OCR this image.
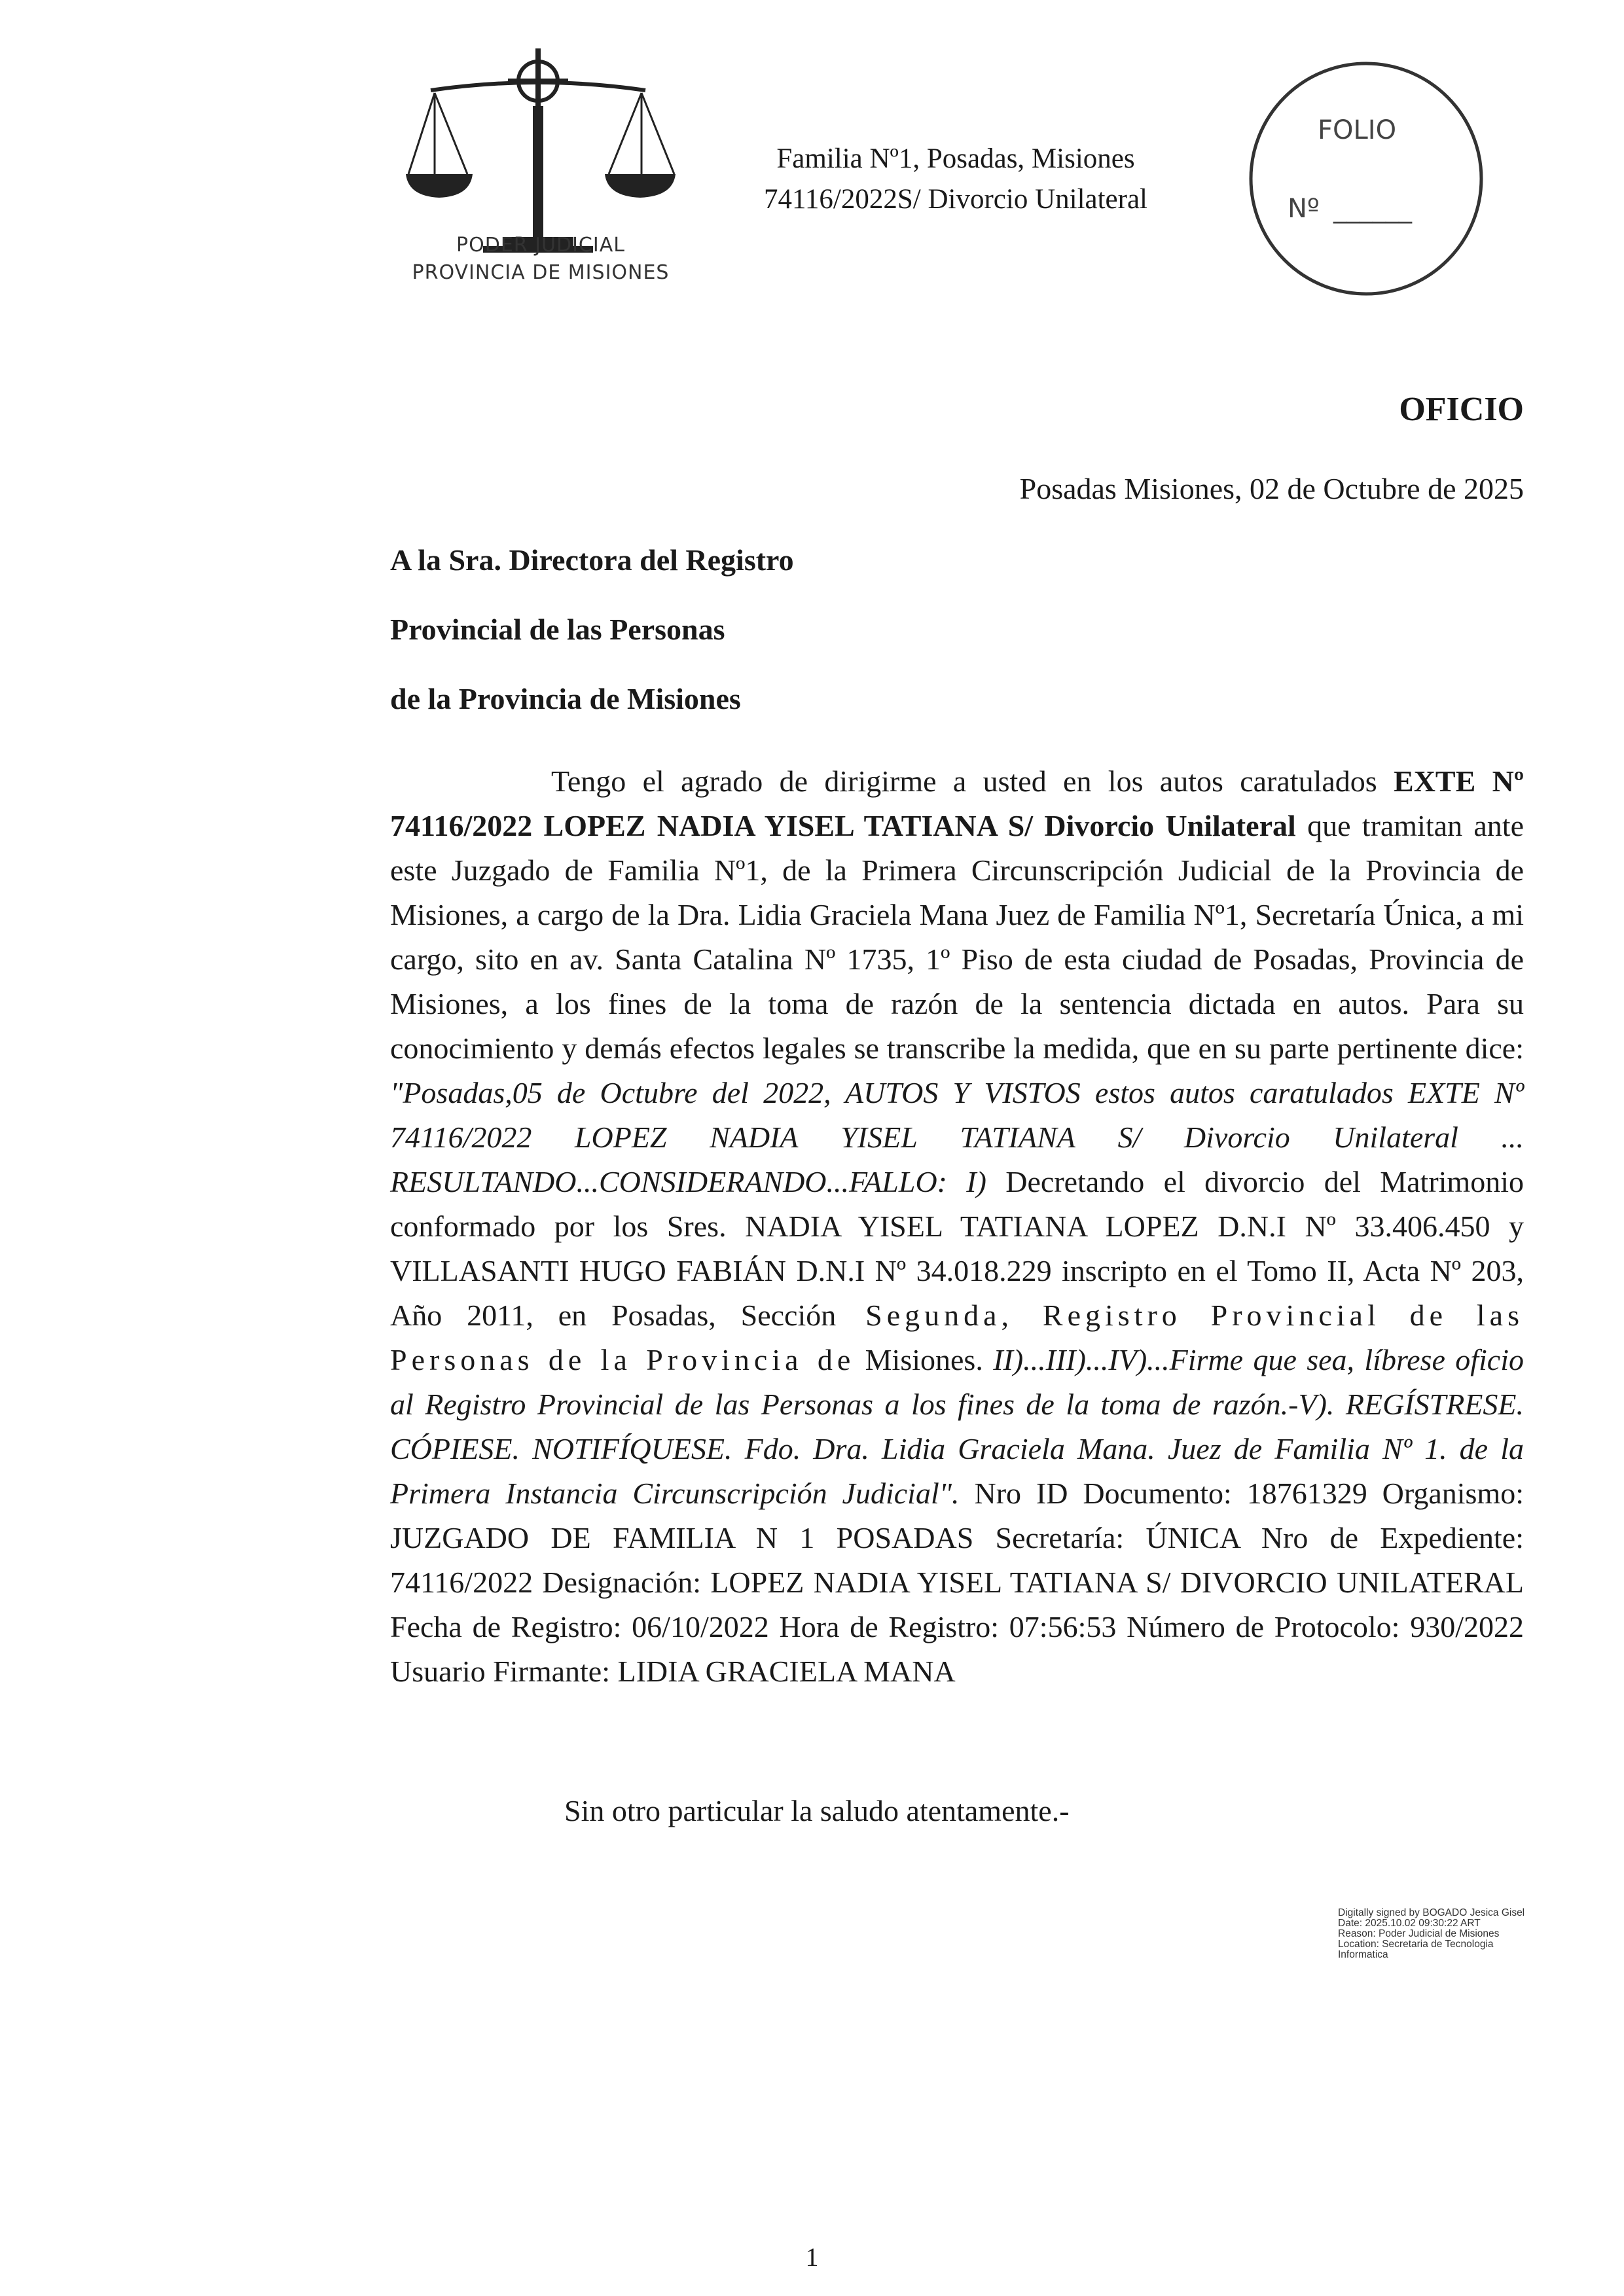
PODER JUDICIAL
PROVINCIA DE MISIONES
Familia Nº1, Posadas, Misiones
74116/2022S/ Divorcio Unilateral
FOLIO
Nº ______
OFICIO
Posadas Misiones, 02 de Octubre de 2025
A la Sra. Directora del Registro
Provincial de las Personas
de la Provincia de Misiones

Tengo el agrado de dirigirme a usted en los autos caratulados EXTE Nº 74116/2022 LOPEZ NADIA YISEL TATIANA S/ Divorcio Unilateral que tramitan ante este Juzgado de Familia Nº1, de la Primera Circunscripción Judicial de la Provincia de Misiones, a cargo de la Dra. Lidia Graciela Mana Juez de Familia Nº1, Secretaría Única, a mi cargo, sito en av. Santa Catalina Nº 1735, 1º Piso de esta ciudad de Posadas, Provincia de Misiones, a los fines de la toma de razón de la sentencia dictada en autos. Para su conocimiento y demás efectos legales se transcribe la medida, que en su parte pertinente dice: "Posadas,05 de Octubre del 2022, AUTOS Y VISTOS estos autos caratulados EXTE Nº 74116/2022 LOPEZ NADIA YISEL TATIANA S/ Divorcio Unilateral ... RESULTANDO...CONSIDERANDO...FALLO: I) Decretando el divorcio del Matrimonio conformado por los Sres. NADIA YISEL TATIANA LOPEZ D.N.I Nº 33.406.450 y VILLASANTI HUGO FABIÁN D.N.I Nº 34.018.229 inscripto en el Tomo II, Acta Nº 203, Año 2011, en Posadas, Sección Segunda, Registro Provincial de las Personas de la Provincia de Misiones. II)...III)...IV)...Firme que sea, líbrese oficio al Registro Provincial de las Personas a los fines de la toma de razón.-V). REGÍSTRESE. CÓPIESE. NOTIFÍQUESE. Fdo. Dra. Lidia Graciela Mana. Juez de Familia Nº 1. de la Primera Instancia Circunscripción Judicial". Nro ID Documento: 18761329 Organismo: JUZGADO DE FAMILIA N 1 POSADAS Secretaría: ÚNICA Nro de Expediente: 74116/2022 Designación: LOPEZ NADIA YISEL TATIANA S/ DIVORCIO UNILATERAL Fecha de Registro: 06/10/2022 Hora de Registro: 07:56:53 Número de Protocolo: 930/2022 Usuario Firmante: LIDIA GRACIELA MANA

Sin otro particular la saludo atentamente.-
Digitally signed by BOGADO Jesica Gisel
Date: 2025.10.02 09:30:22 ART
Reason: Poder Judicial de Misiones
Location: Secretaria de Tecnologia
Informatica
1
